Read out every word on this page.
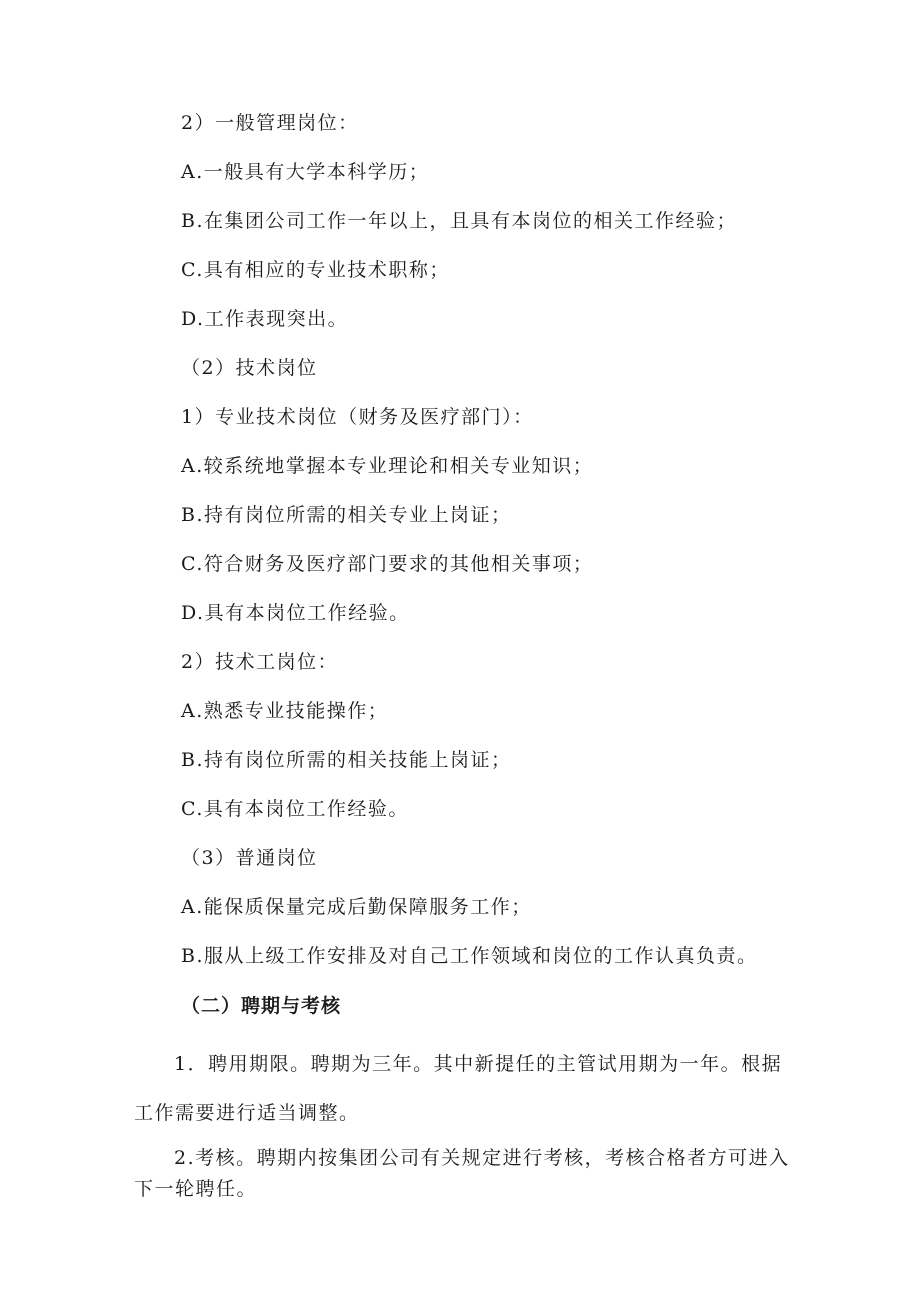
2）一般管理岗位：
A.一般具有大学本科学历；
B.在集团公司工作一年以上，且具有本岗位的相关工作经验；
C.具有相应的专业技术职称；
D.工作表现突出。
（2）技术岗位
1）专业技术岗位（财务及医疗部门）：
A.较系统地掌握本专业理论和相关专业知识；
B.持有岗位所需的相关专业上岗证；
C.符合财务及医疗部门要求的其他相关事项；
D.具有本岗位工作经验。
2）技术工岗位：
A.熟悉专业技能操作；
B.持有岗位所需的相关技能上岗证；
C.具有本岗位工作经验。
（3）普通岗位
A.能保质保量完成后勤保障服务工作；
B.服从上级工作安排及对自己工作领域和岗位的工作认真负责。
（二）聘期与考核
1．聘用期限。聘期为三年。其中新提任的主管试用期为一年。根据工作需要进行适当调整。
2.考核。聘期内按集团公司有关规定进行考核，考核合格者方可进入下一轮聘任。
